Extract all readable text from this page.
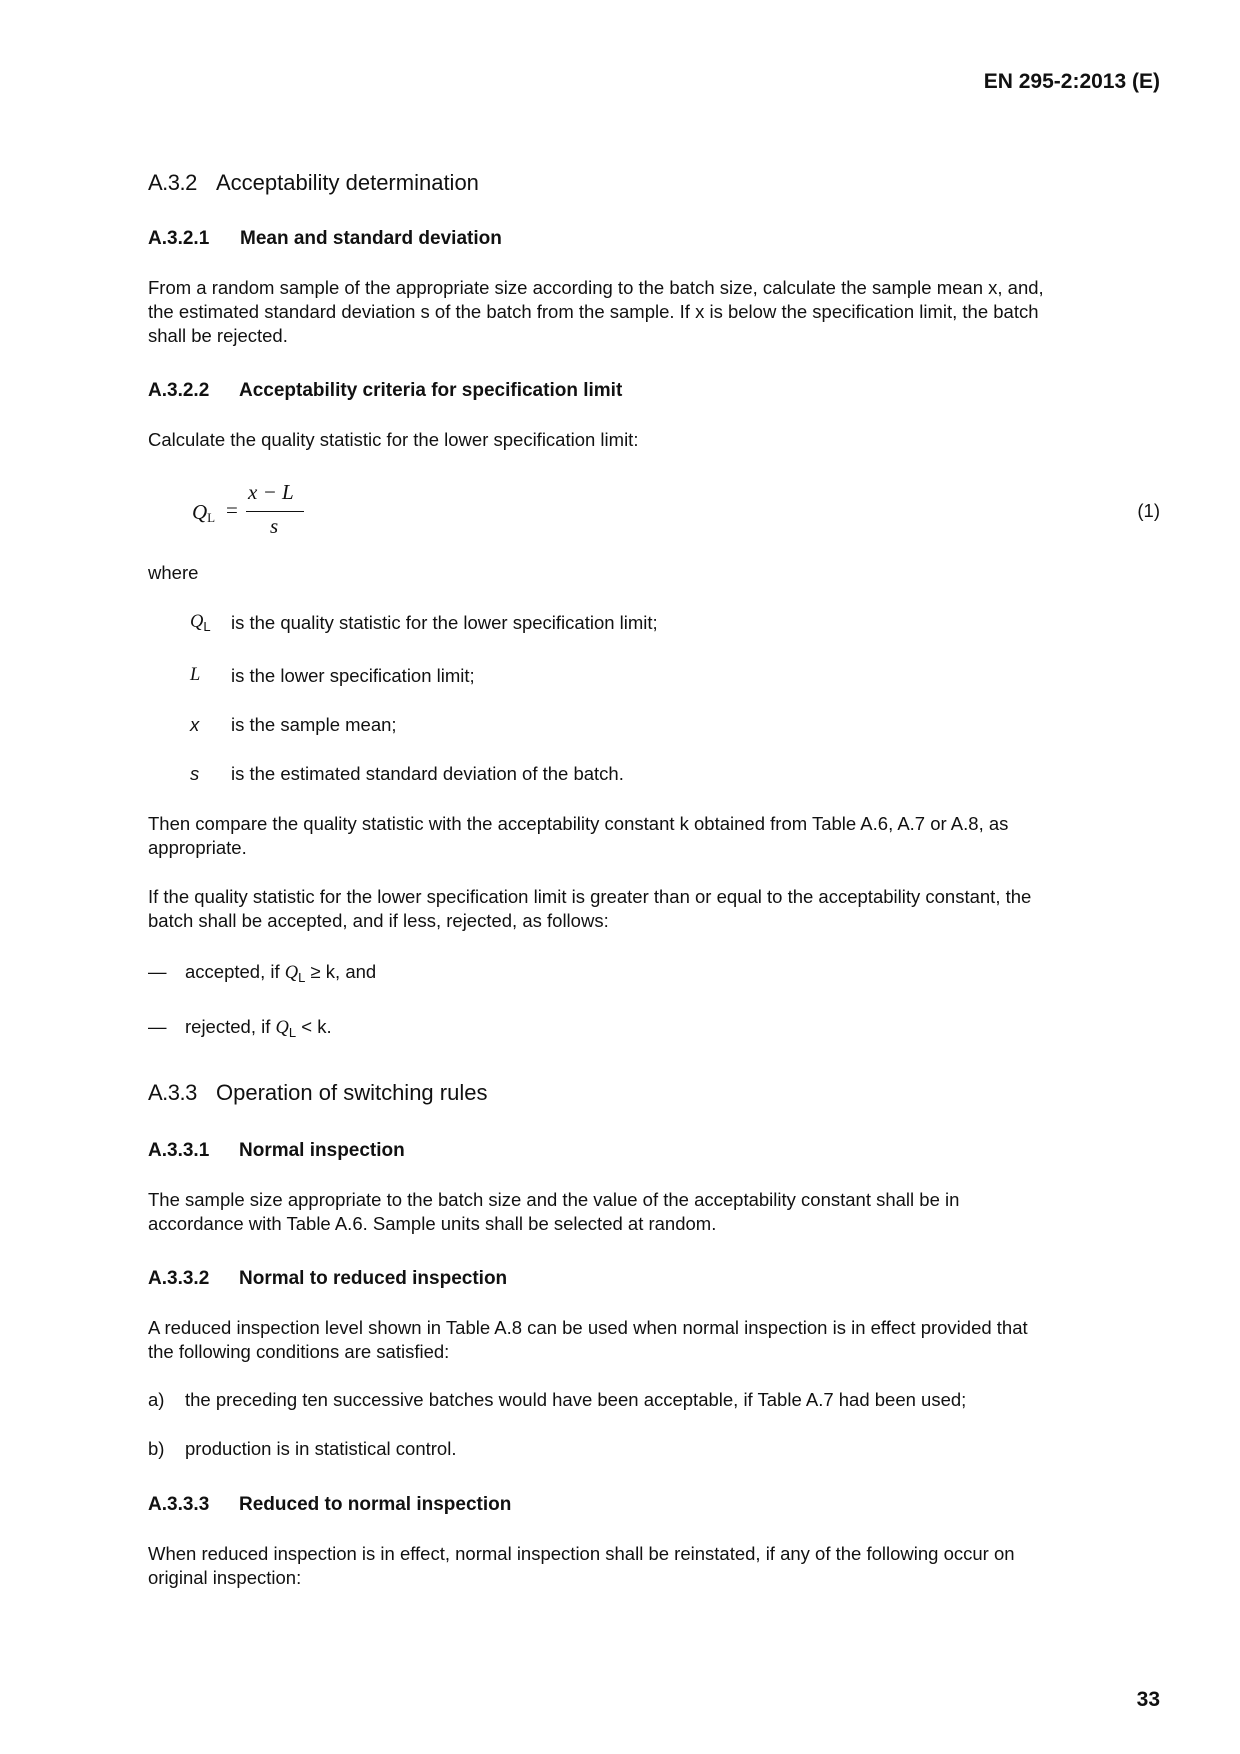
EN 295-2:2013 (E)
A.3.2 Acceptability determination
A.3.2.1 Mean and standard deviation
From a random sample of the appropriate size according to the batch size, calculate the sample mean x, and,
the estimated standard deviation s of the batch from the sample. If x is below the specification limit, the batch
shall be rejected.
A.3.2.2 Acceptability criteria for specification limit
Calculate the quality statistic for the lower specification limit:
$Q_L$ =
x − L
s
(1)
where
$Q_L$ is the quality statistic for the lower specification limit;
L is the lower specification limit;
x is the sample mean;
s is the estimated standard deviation of the batch.
Then compare the quality statistic with the acceptability constant k obtained from Table A.6, A.7 or A.8, as
appropriate.
If the quality statistic for the lower specification limit is greater than or equal to the acceptability constant, the
batch shall be accepted, and if less, rejected, as follows:
— accepted, if $Q_L \ge k$, and
— rejected, if $Q_L < k$.
A.3.3 Operation of switching rules
A.3.3.1 Normal inspection
The sample size appropriate to the batch size and the value of the acceptability constant shall be in
accordance with Table A.6. Sample units shall be selected at random.
A.3.3.2 Normal to reduced inspection
A reduced inspection level shown in Table A.8 can be used when normal inspection is in effect provided that
the following conditions are satisfied:
a) the preceding ten successive batches would have been acceptable, if Table A.7 had been used;
b) production is in statistical control.
A.3.3.3 Reduced to normal inspection
When reduced inspection is in effect, normal inspection shall be reinstated, if any of the following occur on
original inspection:
33
